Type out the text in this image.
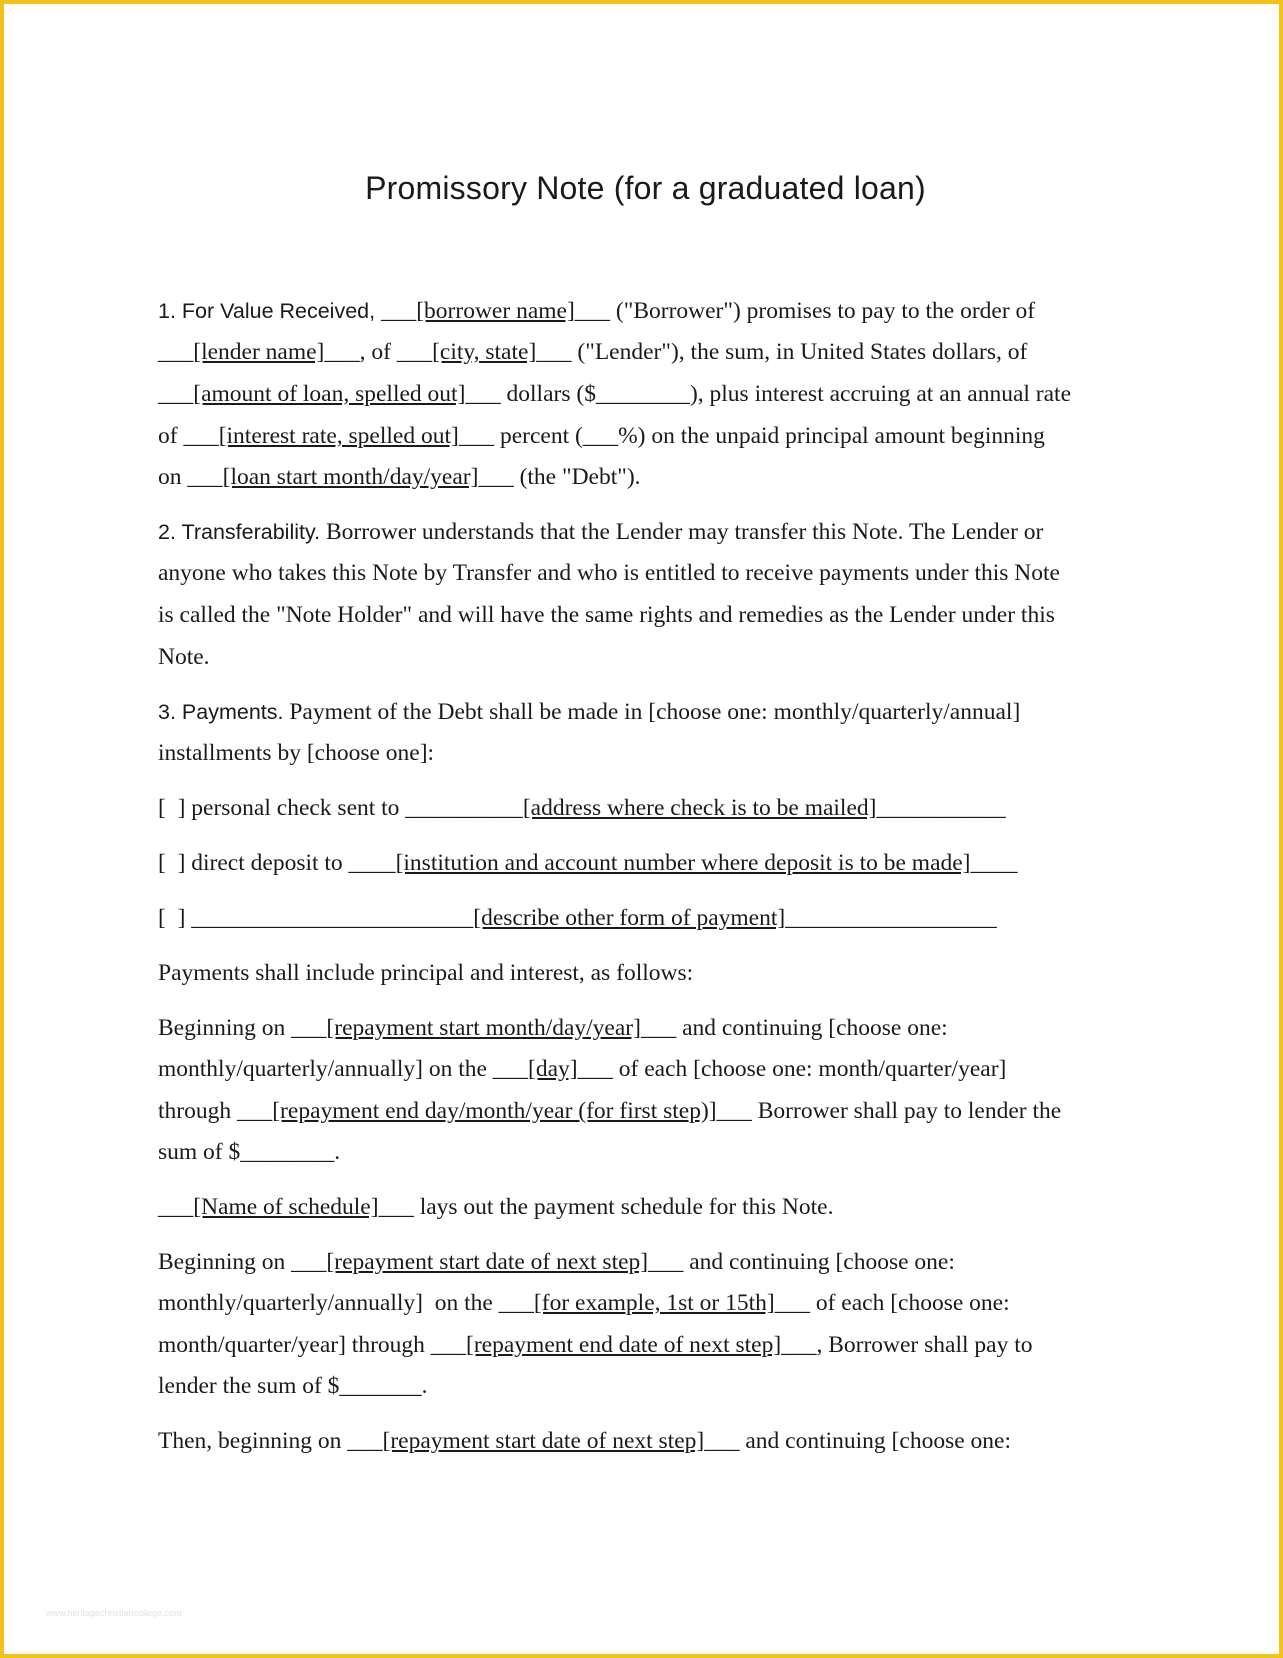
Promissory Note (for a graduated loan)
1. For Value Received, ___[borrower name]___ ("Borrower") promises to pay to the order of
___[lender name]___, of ___[city, state]___ ("Lender"), the sum, in United States dollars, of
___[amount of loan, spelled out]___ dollars ($________), plus interest accruing at an annual rate
of ___[interest rate, spelled out]___ percent (___%) on the unpaid principal amount beginning
on ___[loan start month/day/year]___ (the "Debt").
2. Transferability. Borrower understands that the Lender may transfer this Note. The Lender or
anyone who takes this Note by Transfer and who is entitled to receive payments under this Note
is called the "Note Holder" and will have the same rights and remedies as the Lender under this
Note.
3. Payments. Payment of the Debt shall be made in [choose one: monthly/quarterly/annual]
installments by [choose one]:
[  ] personal check sent to __________[address where check is to be mailed]___________
[  ] direct deposit to ____[institution and account number where deposit is to be made]____
[  ] ________________________[describe other form of payment]__________________
Payments shall include principal and interest, as follows:
Beginning on ___[repayment start month/day/year]___ and continuing [choose one:
monthly/quarterly/annually] on the ___[day]___ of each [choose one: month/quarter/year]
through ___[repayment end day/month/year (for first step)]___ Borrower shall pay to lender the
sum of $________.
___[Name of schedule]___ lays out the payment schedule for this Note.
Beginning on ___[repayment start date of next step]___ and continuing [choose one:
monthly/quarterly/annually]  on the ___[for example, 1st or 15th]___ of each [choose one:
month/quarter/year] through ___[repayment end date of next step]___, Borrower shall pay to
lender the sum of $_______.
Then, beginning on ___[repayment start date of next step]___ and continuing [choose one:
www.heritagechristiancollege.com
